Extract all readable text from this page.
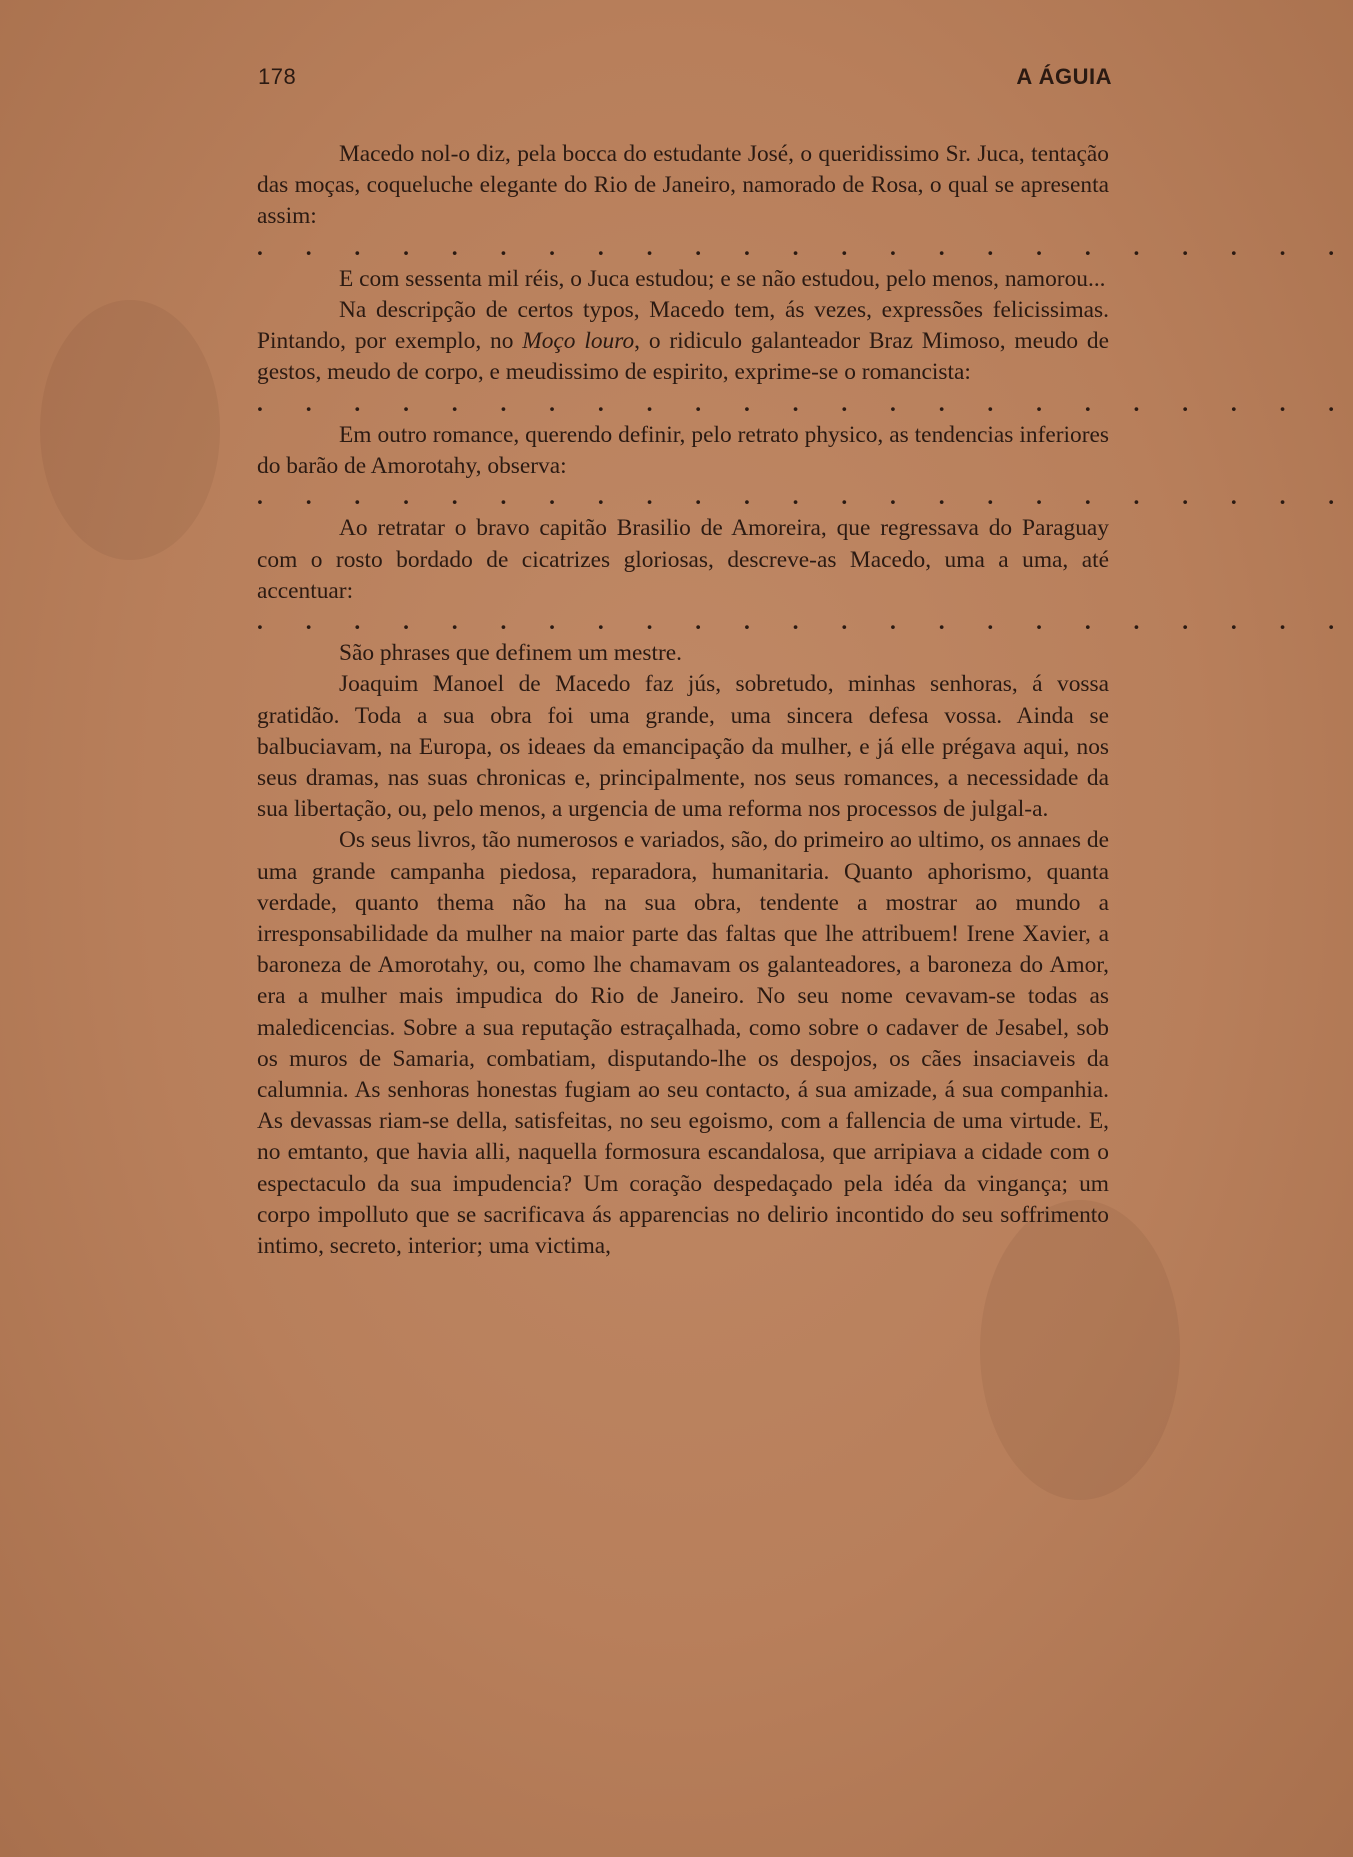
178	A ÁGUIA

Macedo nol-o diz, pela bocca do estudante José, o queridissimo Sr. Juca, tentação das moças, coqueluche elegante do Rio de Janeiro, namorado de Rosa, o qual se apresenta assim:

. . . . . . . . . . . . . . . . . . . . . . .

E com sessenta mil réis, o Juca estudou; e se não estudou, pelo menos, namorou...

Na descripção de certos typos, Macedo tem, ás vezes, expressões felicissimas. Pintando, por exemplo, no Moço louro, o ridiculo galanteador Braz Mimoso, meudo de gestos, meudo de corpo, e meudissimo de espirito, exprime-se o romancista:

. . . . . . . . . . . . . . . . . . . . . . .

Em outro romance, querendo definir, pelo retrato physico, as tendencias inferiores do barão de Amorotahy, observa:

. . . . . . . . . . . . . . . . . . . . . . .

Ao retratar o bravo capitão Brasilio de Amoreira, que regressava do Paraguay com o rosto bordado de cicatrizes gloriosas, descreve-as Macedo, uma a uma, até accentuar:

. . . . . . . . . . . . . . . . . . . . . . .

São phrases que definem um mestre.

Joaquim Manoel de Macedo faz jús, sobretudo, minhas senhoras, á vossa gratidão. Toda a sua obra foi uma grande, uma sincera defesa vossa. Ainda se balbuciavam, na Europa, os ideaes da emancipação da mulher, e já elle prégava aqui, nos seus dramas, nas suas chronicas e, principalmente, nos seus romances, a necessidade da sua libertação, ou, pelo menos, a urgencia de uma reforma nos processos de julgal-a.

Os seus livros, tão numerosos e variados, são, do primeiro ao ultimo, os annaes de uma grande campanha piedosa, reparadora, humanitaria. Quanto aphorismo, quanta verdade, quanto thema não ha na sua obra, tendente a mostrar ao mundo a irresponsabilidade da mulher na maior parte das faltas que lhe attribuem! Irene Xavier, a baroneza de Amorotahy, ou, como lhe chamavam os galanteadores, a baroneza do Amor, era a mulher mais impudica do Rio de Janeiro. No seu nome cevavam-se todas as maledicencias. Sobre a sua reputação estraçalhada, como sobre o cadaver de Jesabel, sob os muros de Samaria, combatiam, disputando-lhe os despojos, os cães insaciaveis da calumnia. As senhoras honestas fugiam ao seu contacto, á sua amizade, á sua companhia. As devassas riam-se della, satisfeitas, no seu egoismo, com a fallencia de uma virtude. E, no emtanto, que havia alli, naquella formosura escandalosa, que arripiava a cidade com o espectaculo da sua impudencia? Um coração despedaçado pela idéa da vingança; um corpo impolluto que se sacrificava ás apparencias no delirio incontido do seu soffrimento intimo, secreto, interior; uma victima,
